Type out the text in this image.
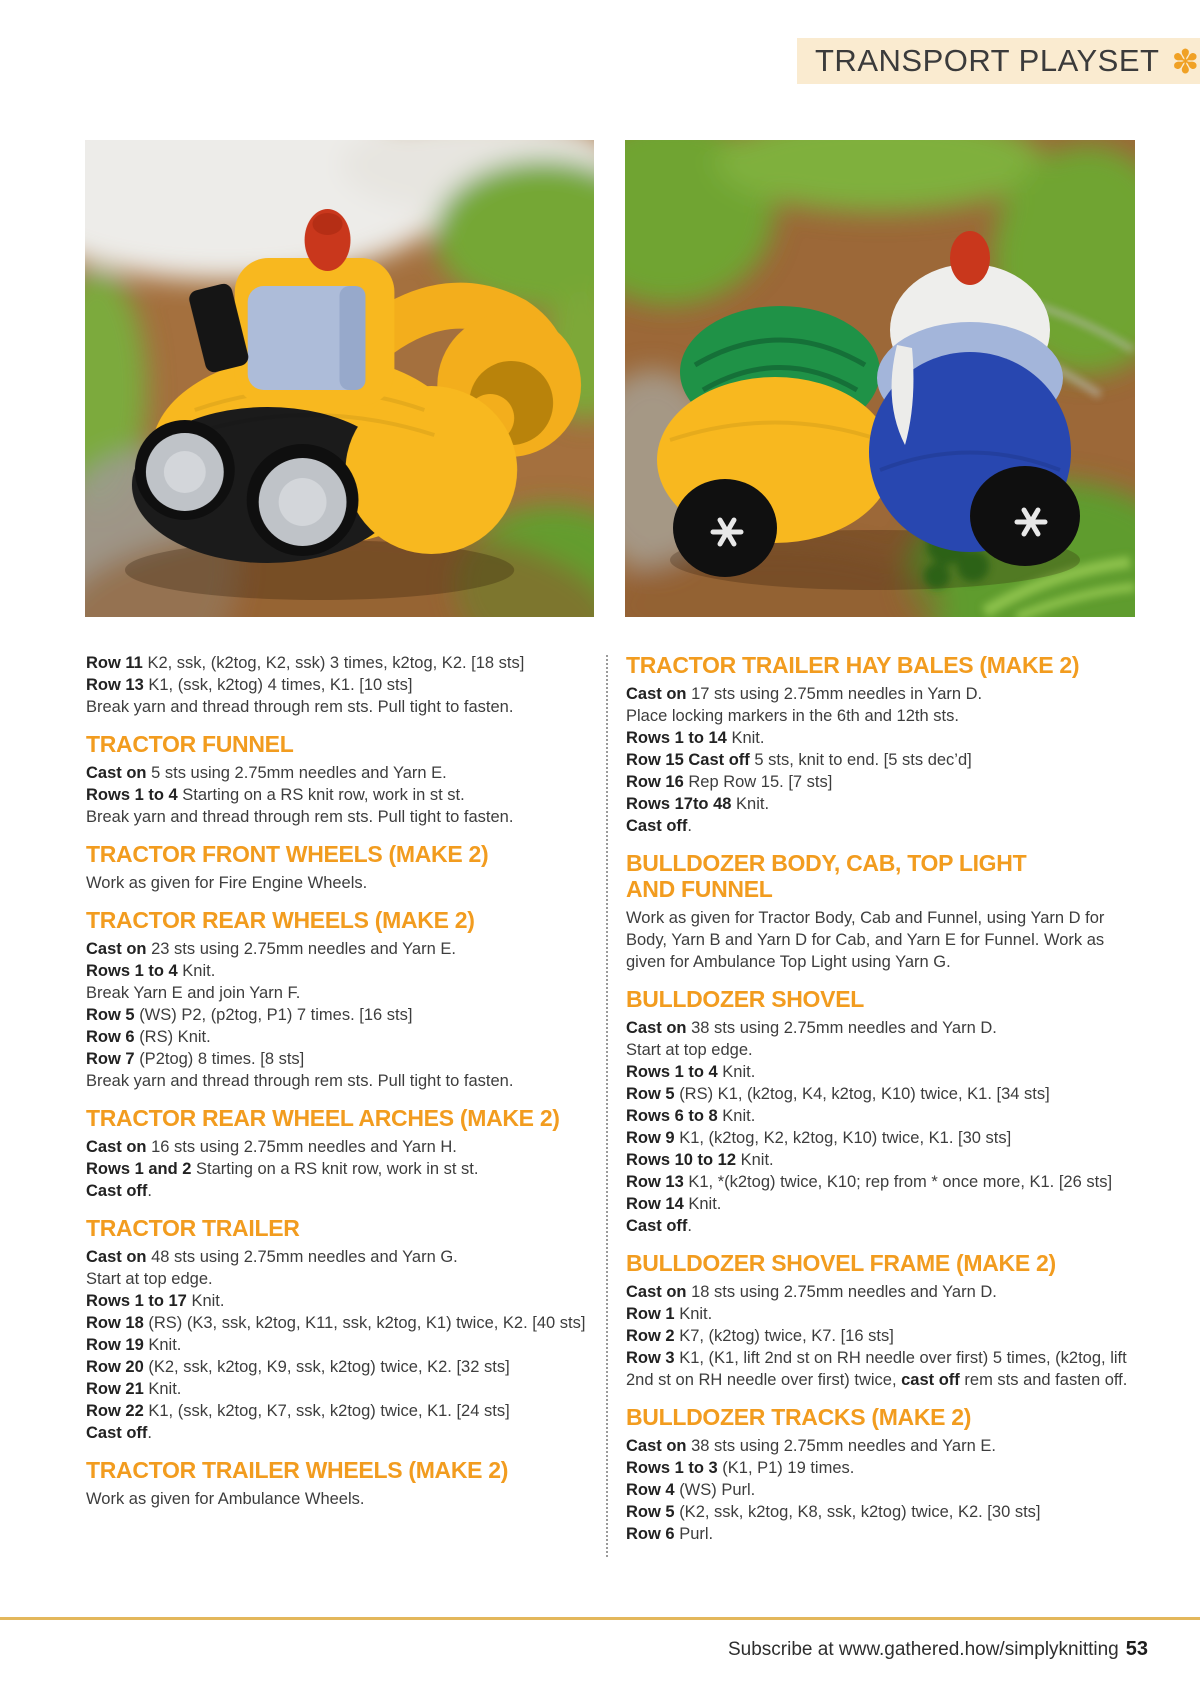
TRANSPORT PLAYSET ✽

Row 11 K2, ssk, (k2tog, K2, ssk) 3 times, k2tog, K2. [18 sts]

Row 13 K1, (ssk, k2tog) 4 times, K1. [10 sts]

Break yarn and thread through rem sts. Pull tight to fasten.

TRACTOR FUNNEL

Cast on 5 sts using 2.75mm needles and Yarn E.

Rows 1 to 4 Starting on a RS knit row, work in st st.

Break yarn and thread through rem sts. Pull tight to fasten.

TRACTOR FRONT WHEELS (MAKE 2)

Work as given for Fire Engine Wheels.

TRACTOR REAR WHEELS (MAKE 2)

Cast on 23 sts using 2.75mm needles and Yarn E.

Rows 1 to 4 Knit.

Break Yarn E and join Yarn F.

Row 5 (WS) P2, (p2tog, P1) 7 times. [16 sts]

Row 6 (RS) Knit.

Row 7 (P2tog) 8 times. [8 sts]

Break yarn and thread through rem sts. Pull tight to fasten.

TRACTOR REAR WHEEL ARCHES (MAKE 2)

Cast on 16 sts using 2.75mm needles and Yarn H.

Rows 1 and 2 Starting on a RS knit row, work in st st.

Cast off.

TRACTOR TRAILER

Cast on 48 sts using 2.75mm needles and Yarn G.

Start at top edge.

Rows 1 to 17 Knit.

Row 18 (RS) (K3, ssk, k2tog, K11, ssk, k2tog, K1) twice, K2. [40 sts]

Row 19 Knit.

Row 20 (K2, ssk, k2tog, K9, ssk, k2tog) twice, K2. [32 sts]

Row 21 Knit.

Row 22 K1, (ssk, k2tog, K7, ssk, k2tog) twice, K1. [24 sts]

Cast off.

TRACTOR TRAILER WHEELS (MAKE 2)

Work as given for Ambulance Wheels.

TRACTOR TRAILER HAY BALES (MAKE 2)

Cast on 17 sts using 2.75mm needles in Yarn D.

Place locking markers in the 6th and 12th sts.

Rows 1 to 14 Knit.

Row 15 Cast off 5 sts, knit to end. [5 sts dec’d]

Row 16 Rep Row 15. [7 sts]

Rows 17to 48 Knit.

Cast off.

BULLDOZER BODY, CAB, TOP LIGHT
AND FUNNEL

Work as given for Tractor Body, Cab and Funnel, using Yarn D for

Body, Yarn B and Yarn D for Cab, and Yarn E for Funnel. Work as

given for Ambulance Top Light using Yarn G.

BULLDOZER SHOVEL

Cast on 38 sts using 2.75mm needles and Yarn D.

Start at top edge.

Rows 1 to 4 Knit.

Row 5 (RS) K1, (k2tog, K4, k2tog, K10) twice, K1. [34 sts]

Rows 6 to 8 Knit.

Row 9 K1, (k2tog, K2, k2tog, K10) twice, K1. [30 sts]

Rows 10 to 12 Knit.

Row 13 K1, *(k2tog) twice, K10; rep from * once more, K1. [26 sts]

Row 14 Knit.

Cast off.

BULLDOZER SHOVEL FRAME (MAKE 2)

Cast on 18 sts using 2.75mm needles and Yarn D.

Row 1 Knit.

Row 2 K7, (k2tog) twice, K7. [16 sts]

Row 3 K1, (K1, lift 2nd st on RH needle over first) 5 times, (k2tog, lift

2nd st on RH needle over first) twice, cast off rem sts and fasten off.

BULLDOZER TRACKS (MAKE 2)

Cast on 38 sts using 2.75mm needles and Yarn E.

Rows 1 to 3 (K1, P1) 19 times.

Row 4 (WS) Purl.

Row 5 (K2, ssk, k2tog, K8, ssk, k2tog) twice, K2. [30 sts]

Row 6 Purl.

Subscribe at www.gathered.how/simplyknitting 53
